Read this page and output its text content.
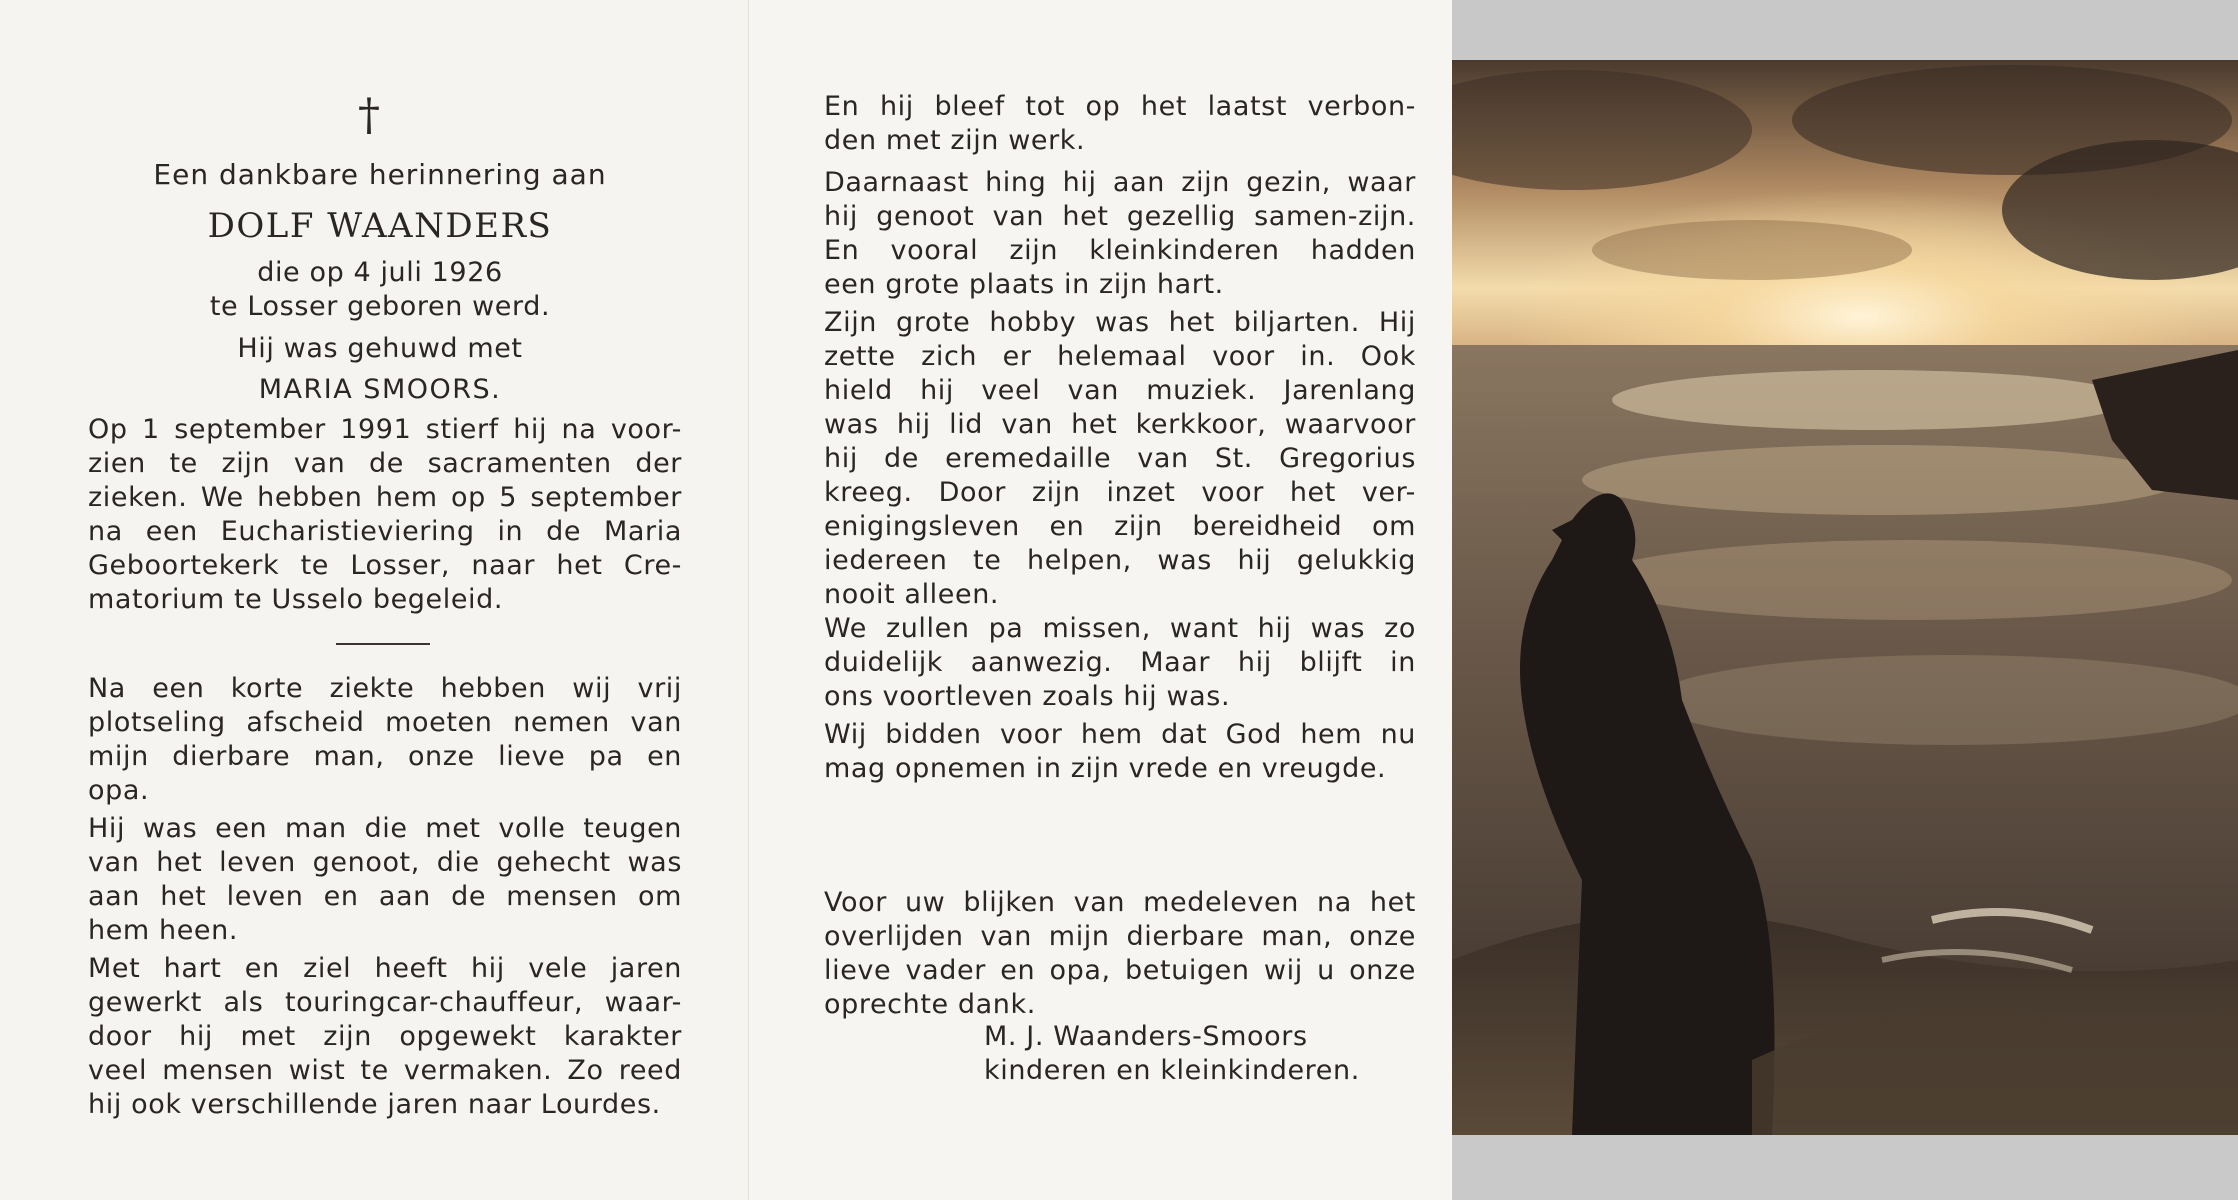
†
Een dankbare herinnering aan
DOLF WAANDERS
die op 4 juli 1926
te Losser geboren werd.
Hij was gehuwd met
MARIA SMOORS.
Op 1 september 1991 stierf hij na voor-
zien te zijn van de sacramenten der
zieken. We hebben hem op 5 september
na een Eucharistieviering in de Maria
Geboortekerk te Losser, naar het Cre-
matorium te Usselo begeleid.
Na een korte ziekte hebben wij vrij
plotseling afscheid moeten nemen van
mijn dierbare man, onze lieve pa en
opa.
Hij was een man die met volle teugen
van het leven genoot, die gehecht was
aan het leven en aan de mensen om
hem heen.
Met hart en ziel heeft hij vele jaren
gewerkt als touringcar-chauffeur, waar-
door hij met zijn opgewekt karakter
veel mensen wist te vermaken. Zo reed
hij ook verschillende jaren naar Lourdes.
En hij bleef tot op het laatst verbon-
den met zijn werk.
Daarnaast hing hij aan zijn gezin, waar
hij genoot van het gezellig samen-zijn.
En vooral zijn kleinkinderen hadden
een grote plaats in zijn hart.
Zijn grote hobby was het biljarten. Hij
zette zich er helemaal voor in. Ook
hield hij veel van muziek. Jarenlang
was hij lid van het kerkkoor, waarvoor
hij de eremedaille van St. Gregorius
kreeg. Door zijn inzet voor het ver-
enigingsleven en zijn bereidheid om
iedereen te helpen, was hij gelukkig
nooit alleen.
We zullen pa missen, want hij was zo
duidelijk aanwezig. Maar hij blijft in
ons voortleven zoals hij was.
Wij bidden voor hem dat God hem nu
mag opnemen in zijn vrede en vreugde.
Voor uw blijken van medeleven na het
overlijden van mijn dierbare man, onze
lieve vader en opa, betuigen wij u onze
oprechte dank.
M. J. Waanders-Smoors
kinderen en kleinkinderen.
